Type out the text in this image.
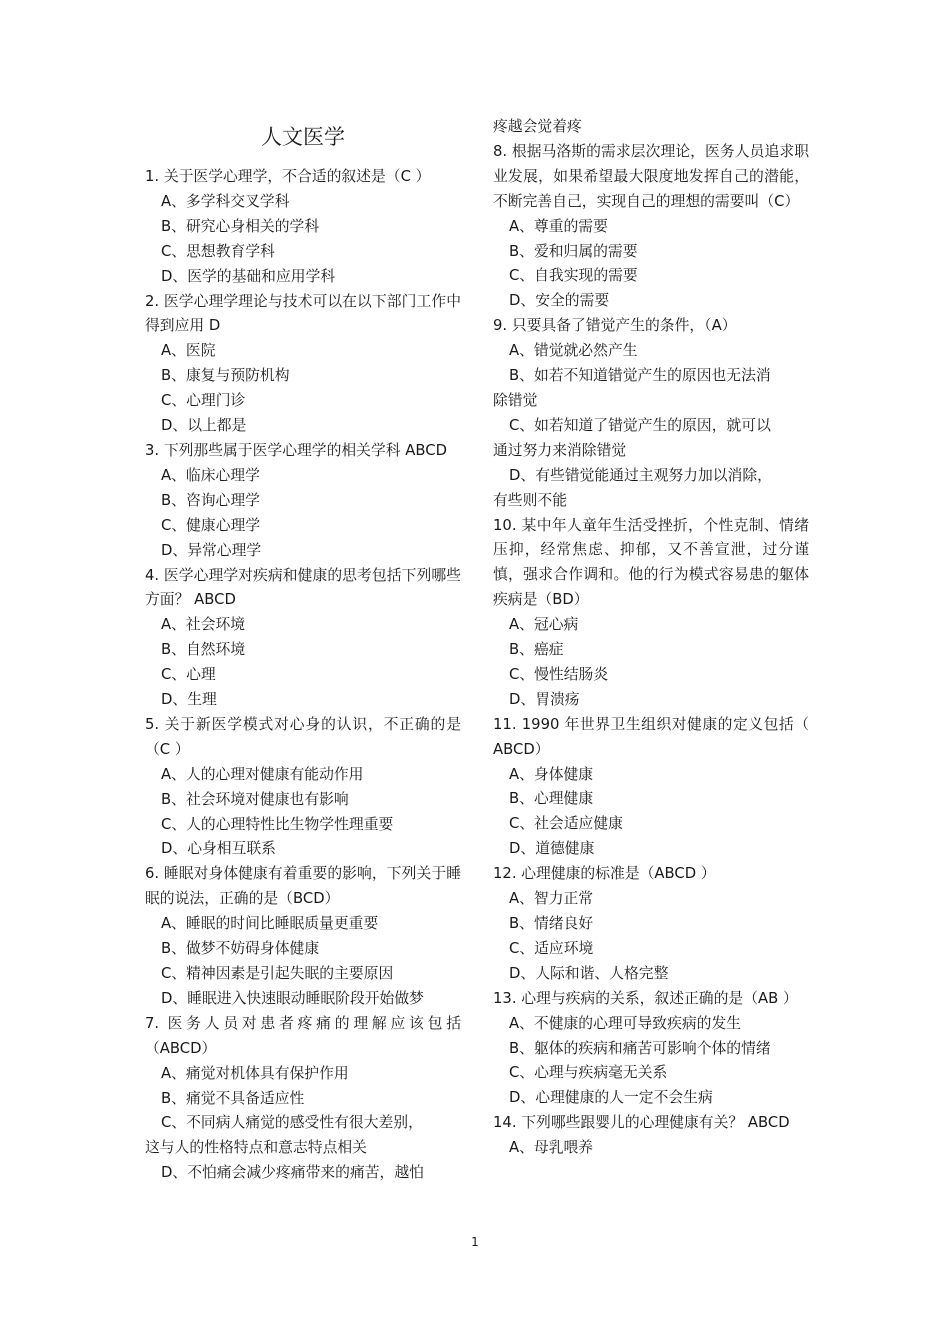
人文医学
1. 关于医学心理学，不合适的叙述是（C ）
A、多学科交叉学科
B、研究心身相关的学科
C、思想教育学科
D、医学的基础和应用学科
2. 医学心理学理论与技术可以在以下部门工作中得到应用 D
A、医院
B、康复与预防机构
C、心理门诊
D、以上都是
3. 下列那些属于医学心理学的相关学科 ABCD
A、临床心理学
B、咨询心理学
C、健康心理学
D、异常心理学
4. 医学心理学对疾病和健康的思考包括下列哪些方面？ ABCD
A、社会环境
B、自然环境
C、心理
D、生理
5. 关于新医学模式对心身的认识，不正确的是（C ）
A、人的心理对健康有能动作用
B、社会环境对健康也有影响
C、人的心理特性比生物学性理重要
D、心身相互联系
6. 睡眠对身体健康有着重要的影响，下列关于睡眠的说法，正确的是（BCD）
A、睡眠的时间比睡眠质量更重要
B、做梦不妨碍身体健康
C、精神因素是引起失眠的主要原因
D、睡眠进入快速眼动睡眠阶段开始做梦
7. 医务人员对患者疼痛的理解应该包括（ABCD）
A、痛觉对机体具有保护作用
B、痛觉不具备适应性
C、不同病人痛觉的感受性有很大差别，
这与人的性格特点和意志特点相关
D、不怕痛会减少疼痛带来的痛苦，越怕
疼越会觉着疼
8. 根据马洛斯的需求层次理论，医务人员追求职业发展，如果希望最大限度地发挥自己的潜能，不断完善自己，实现自己的理想的需要叫（C）
A、尊重的需要
B、爱和归属的需要
C、自我实现的需要
D、安全的需要
9. 只要具备了错觉产生的条件，（A）
A、错觉就必然产生
B、如若不知道错觉产生的原因也无法消
除错觉
C、如若知道了错觉产生的原因，就可以
通过努力来消除错觉
D、有些错觉能通过主观努力加以消除，
有些则不能
10. 某中年人童年生活受挫折，个性克制、情绪压抑，经常焦虑、抑郁，又不善宣泄，过分谨慎，强求合作调和。他的行为模式容易患的躯体疾病是（BD）
A、冠心病
B、癌症
C、慢性结肠炎
D、胃溃疡
11. 1990 年世界卫生组织对健康的定义包括（ ABCD）
A、身体健康
B、心理健康
C、社会适应健康
D、道德健康
12. 心理健康的标准是（ABCD ）
A、智力正常
B、情绪良好
C、适应环境
D、人际和谐、人格完整
13. 心理与疾病的关系，叙述正确的是（AB ）
A、不健康的心理可导致疾病的发生
B、躯体的疾病和痛苦可影响个体的情绪
C、心理与疾病毫无关系
D、心理健康的人一定不会生病
14. 下列哪些跟婴儿的心理健康有关？ ABCD
A、母乳喂养
1
